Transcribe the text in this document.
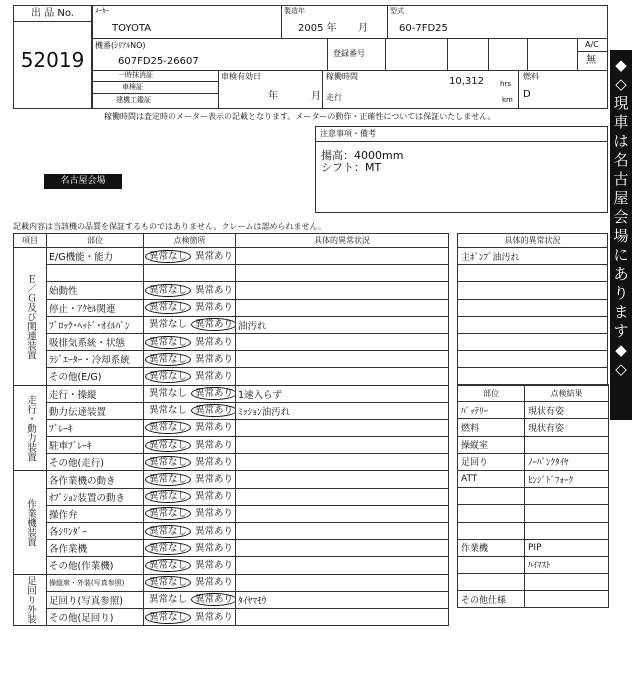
出 品 No.
52019
ﾒｰｶｰ
TOYOTA
製造年
2005 年 月
型式
60-7FD25
機番(ｼﾘｱﾙNO)
607FD25-26607
登録番号
A/C
無
一時抹消証
車検証
建機工鑑証
車検有効日
年	月
稼働時間	10,312 hrs
走行	km
燃料
D
稼働時間は査定時のメーター表示の記載となります。メーターの動作・正確性については保証いたしません。
注意事項・備考
揚高：4000mm
シフト：MT
名古屋会場
記載内容は当該機の品質を保証するものではありません。クレームは認められません。
項目	部位	点検箇所	具体的異常状況
Ｅ／Ｇ及び関連装置	E/G機能・能力	異常なし 異常あり	

	始動性	異常なし 異常あり	
	停止・ｱｸｾﾙ関連	異常なし 異常あり	
	ﾌﾞﾛｯｸ･ﾍｯﾄﾞ･ｵｲﾙﾊﾟﾝ	異常なし 異常あり	油汚れ
	吸排気系統・状態	異常なし 異常あり	
	ﾗｼﾞｴｰﾀｰ・冷却系統	異常なし 異常あり	
	その他(E/G)	異常なし 異常あり	
走行・動力装置	走行・操縦	異常なし 異常あり	1速入らず
	動力伝達装置	異常なし 異常あり	ﾐｯｼｮﾝ油汚れ
	ﾌﾞﾚｰｷ	異常なし 異常あり	
	駐車ﾌﾞﾚｰｷ	異常なし 異常あり	
	その他(走行)	異常なし 異常あり	
作業機装置	各作業機の動き	異常なし 異常あり	
	ｵﾌﾟｼｮﾝ装置の動き	異常なし 異常あり	
	操作弁	異常なし 異常あり	
	各ｼﾘﾝﾀﾞｰ	異常なし 異常あり	
	各作業機	異常なし 異常あり	
	その他(作業機)	異常なし 異常あり	
足回り外装	操縦席・外装(写真参照)	異常なし 異常あり	
	足回り(写真参照)	異常なし 異常あり	ﾀｲﾔﾏﾓｳ
	その他(足回り)	異常なし 異常あり	
具体的異常状況
主ﾎﾟﾝﾌﾟ油汚れ

部位	点検結果
ﾊﾞｯﾃﾘｰ	現状有姿
燃料	現状有姿
操縦室	
足回り	ﾉｰﾊﾟﾝｸﾀｲﾔ
ATT	ﾋﾝｼﾞﾄﾞﾌｫｰｸ

作業機	PIP
	ﾊｲﾏｽﾄ

その他仕様	
◆
◇
現
車
は
名
古
屋
会
場
に
あ
り
ま
す
◆
◇
